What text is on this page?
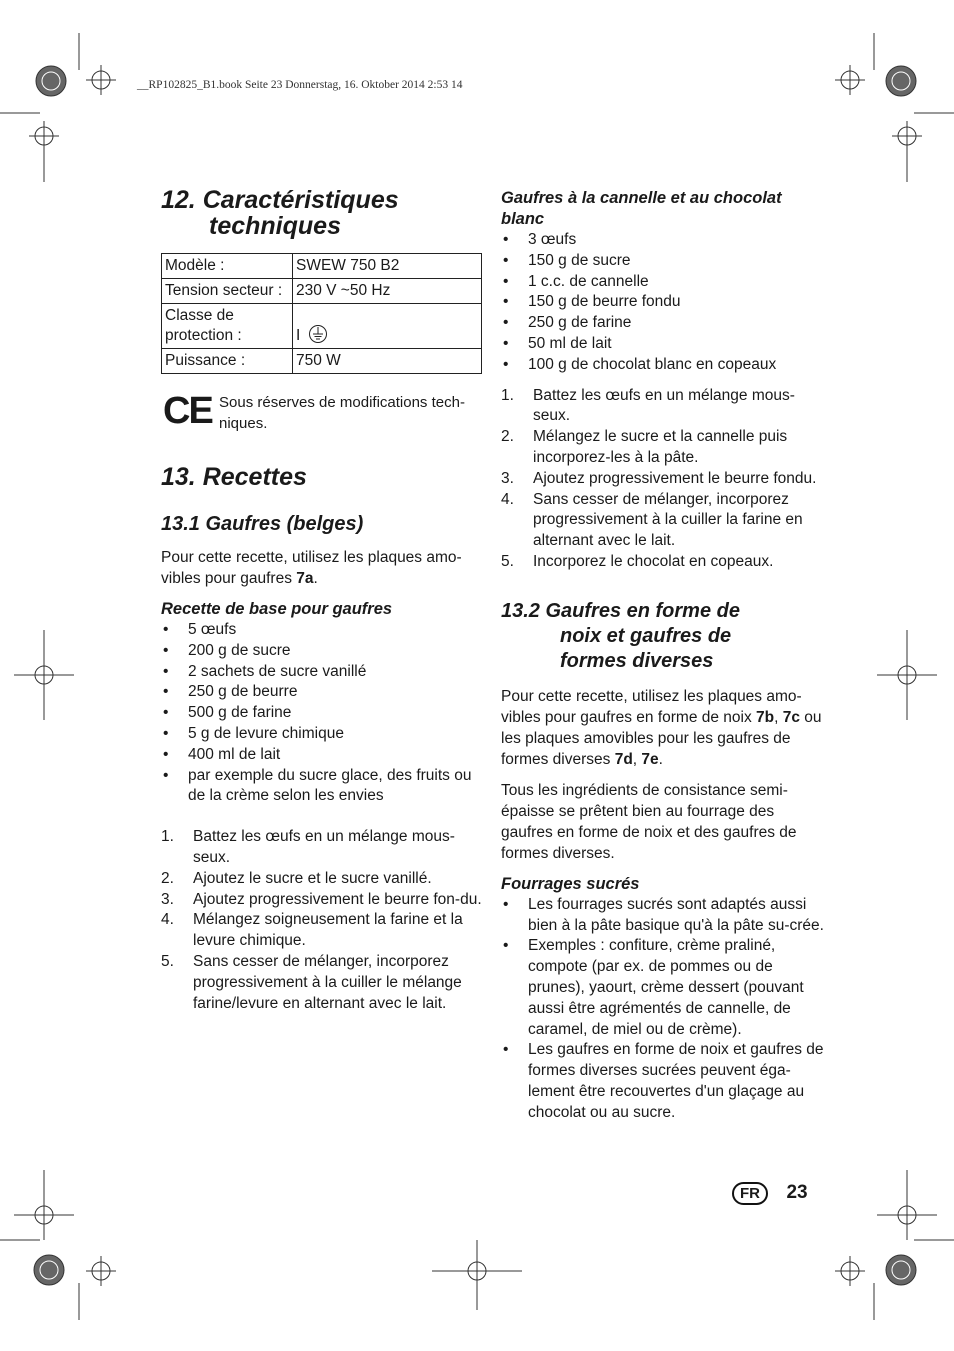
__RP102825_B1.book Seite 23 Donnerstag, 16. Oktober 2014 2:53 14
12. Caractéristiques
techniques
Modèle :	SWEW 750 B2
Tension secteur :	230 V ~50 Hz
Classe de protection :	I
Puissance :	750 W
CE Sous réserves de modifications tech-niques.

13. Recettes
13.1 Gaufres (belges)

Pour cette recette, utilisez les plaques amo-vibles pour gaufres 7a.

Recette de base pour gaufres
• 5 œufs
• 200 g de sucre
• 2 sachets de sucre vanillé
• 250 g de beurre
• 500 g de farine
• 5 g de levure chimique
• 400 ml de lait
• par exemple du sucre glace, des fruits ou de la crème selon les envies
1. Battez les œufs en un mélange mous-seux.
2. Ajoutez le sucre et le sucre vanillé.
3. Ajoutez progressivement le beurre fon-du.
4. Mélangez soigneusement la farine et la levure chimique.
5. Sans cesser de mélanger, incorporez progressivement à la cuiller le mélange farine/levure en alternant avec le lait.
Gaufres à la cannelle et au chocolat blanc
• 3 œufs
• 150 g de sucre
• 1 c.c. de cannelle
• 150 g de beurre fondu
• 250 g de farine
• 50 ml de lait
• 100 g de chocolat blanc en copeaux
1. Battez les œufs en un mélange mous-seux.
2. Mélangez le sucre et la cannelle puis incorporez-les à la pâte.
3. Ajoutez progressivement le beurre fondu.
4. Sans cesser de mélanger, incorporez progressivement à la cuiller la farine en alternant avec le lait.
5. Incorporez le chocolat en copeaux.
13.2 Gaufres en forme de
noix et gaufres de
formes diverses

Pour cette recette, utilisez les plaques amo-vibles pour gaufres en forme de noix 7b, 7c ou les plaques amovibles pour les gaufres de formes diverses 7d, 7e.

Tous les ingrédients de consistance semi-épaisse se prêtent bien au fourrage des gaufres en forme de noix et des gaufres de formes diverses.

Fourrages sucrés
• Les fourrages sucrés sont adaptés aussi bien à la pâte basique qu'à la pâte su-crée.
• Exemples : confiture, crème praliné, compote (par ex. de pommes ou de prunes), yaourt, crème dessert (pouvant aussi être agrémentés de cannelle, de caramel, de miel ou de crème).
• Les gaufres en forme de noix et gaufres de formes diverses sucrées peuvent éga-lement être recouvertes d'un glaçage au chocolat ou au sucre.
FR 23
